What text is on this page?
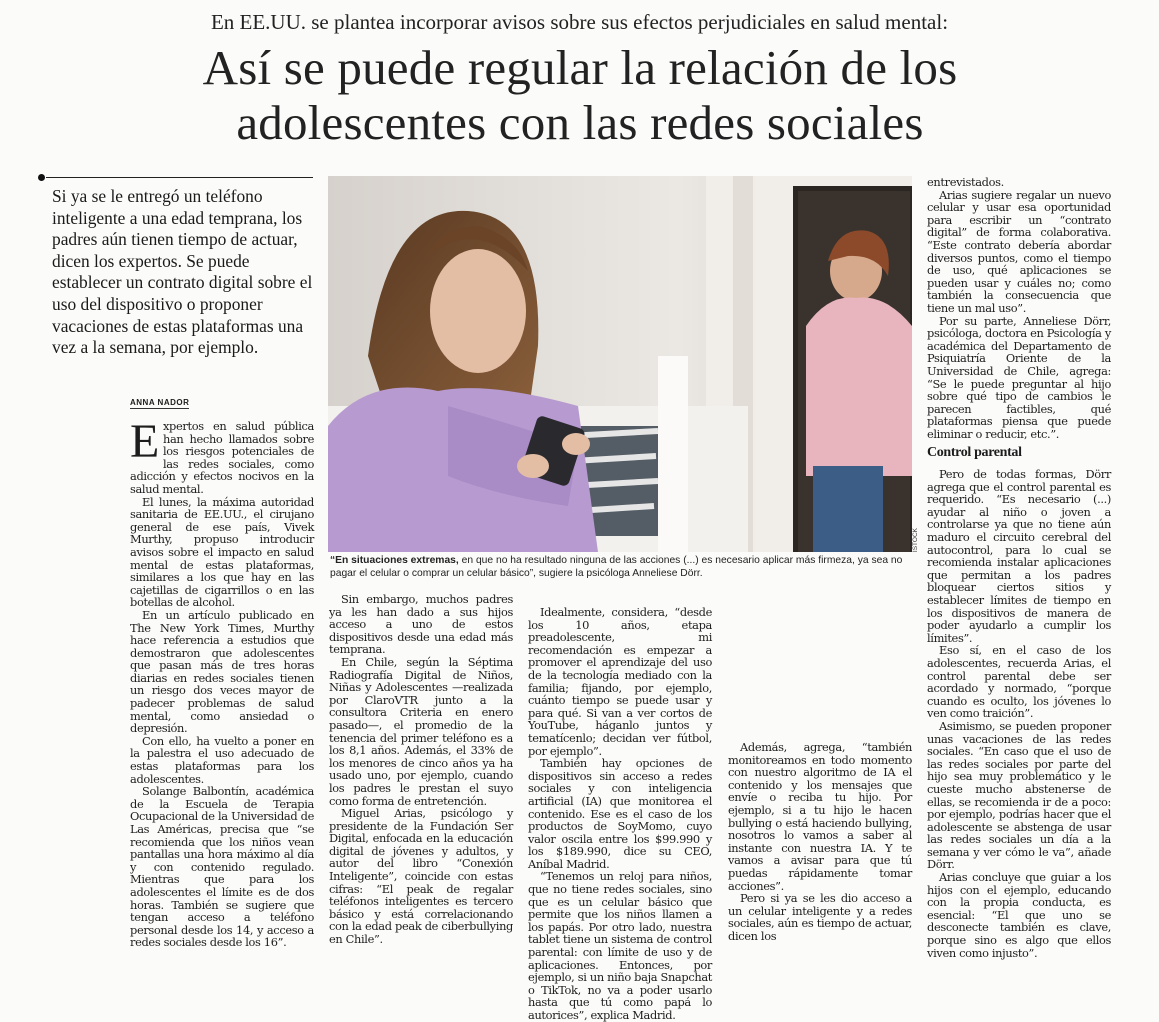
En EE.UU. se plantea incorporar avisos sobre sus efectos perjudiciales en salud mental:
Así se puede regular la relación de los
adolescentes con las redes sociales
Si ya se le entregó un teléfono inteligente a una edad temprana, los padres aún tienen tiempo de actuar, dicen los expertos. Se puede establecer un contrato digital sobre el uso del dispositivo o proponer vacaciones de estas plataformas una vez a la semana, por ejemplo.
ANNA NADOR

Expertos en salud pública han hecho llamados sobre los riesgos potenciales de las redes sociales, como adicción y efectos nocivos en la salud mental.

El lunes, la máxima autoridad sanitaria de EE.UU., el cirujano general de ese país, Vivek Murthy, propuso introducir avisos sobre el impacto en salud mental de estas plataformas, similares a los que hay en las cajetillas de cigarrillos o en las botellas de alcohol.

En un artículo publicado en The New York Times, Murthy hace referencia a estudios que demostraron que adolescentes que pasan más de tres horas diarias en redes sociales tienen un riesgo dos veces mayor de padecer problemas de salud mental, como ansiedad o depresión.

Con ello, ha vuelto a poner en la palestra el uso adecuado de estas plataformas para los adolescentes.

Solange Balbontín, académica de la Escuela de Terapia Ocupacional de la Universidad de Las Américas, precisa que “se recomienda que los niños vean pantallas una hora máximo al día y con contenido regulado. Mientras que para los adolescentes el límite es de dos horas. También se sugiere que tengan acceso a teléfono personal desde los 14, y acceso a redes sociales desde los 16”.

ISTOCK
“En situaciones extremas, en que no ha resultado ninguna de las acciones (...) es necesario aplicar más firmeza, ya sea no pagar el celular o comprar un celular básico”, sugiere la psicóloga Anneliese Dörr.

Sin embargo, muchos padres ya les han dado a sus hijos acceso a uno de estos dispositivos desde una edad más temprana.

En Chile, según la Séptima Radiografía Digital de Niños, Niñas y Adolescentes —realizada por ClaroVTR junto a la consultora Criteria en enero pasado—, el promedio de la tenencia del primer teléfono es a los 8,1 años. Además, el 33% de los menores de cinco años ya ha usado uno, por ejemplo, cuando los padres le prestan el suyo como forma de entretención.

Miguel Arias, psicólogo y presidente de la Fundación Ser Digital, enfocada en la educación digital de jóvenes y adultos, y autor del libro “Conexión Inteligente”, coincide con estas cifras: “El peak de regalar teléfonos inteligentes es tercero básico y está correlacionando con la edad peak de ciberbullying en Chile”.

Idealmente, considera, “desde los 10 años, etapa preadolescente, mi recomendación es empezar a promover el aprendizaje del uso de la tecnología mediado con la familia; fijando, por ejemplo, cuánto tiempo se puede usar y para qué. Si van a ver cortos de YouTube, háganlo juntos y tematícenlo; decidan ver fútbol, por ejemplo”.

También hay opciones de dispositivos sin acceso a redes sociales y con inteligencia artificial (IA) que monitorea el contenido. Ese es el caso de los productos de SoyMomo, cuyo valor oscila entre los $99.990 y los $189.990, dice su CEO, Aníbal Madrid.

“Tenemos un reloj para niños, que no tiene redes sociales, sino que es un celular básico que permite que los niños llamen a los papás. Por otro lado, nuestra tablet tiene un sistema de control parental: con límite de uso y de aplicaciones. Entonces, por ejemplo, si un niño baja Snapchat o TikTok, no va a poder usarlo hasta que tú como papá lo autorices”, explica Madrid.

Además, agrega, “también monitoreamos en todo momento con nuestro algoritmo de IA el contenido y los mensajes que envíe o reciba tu hijo. Por ejemplo, si a tu hijo le hacen bullying o está haciendo bullying, nosotros lo vamos a saber al instante con nuestra IA. Y te vamos a avisar para que tú puedas rápidamente tomar acciones”.

Pero si ya se les dio acceso a un celular inteligente y a redes sociales, aún es tiempo de actuar, dicen los

entrevistados.

Arias sugiere regalar un nuevo celular y usar esa oportunidad para escribir un “contrato digital” de forma colaborativa. “Este contrato debería abordar diversos puntos, como el tiempo de uso, qué aplicaciones se pueden usar y cuáles no; como también la consecuencia que tiene un mal uso”.

Por su parte, Anneliese Dörr, psicóloga, doctora en Psicología y académica del Departamento de Psiquiatría Oriente de la Universidad de Chile, agrega: “Se le puede preguntar al hijo sobre qué tipo de cambios le parecen factibles, qué plataformas piensa que puede eliminar o reducir, etc.”.

Control parental

Pero de todas formas, Dörr agrega que el control parental es requerido. “Es necesario (...) ayudar al niño o joven a controlarse ya que no tiene aún maduro el circuito cerebral del autocontrol, para lo cual se recomienda instalar aplicaciones que permitan a los padres bloquear ciertos sitios y establecer límites de tiempo en los dispositivos de manera de poder ayudarlo a cumplir los límites”.

Eso sí, en el caso de los adolescentes, recuerda Arias, el control parental debe ser acordado y normado, “porque cuando es oculto, los jóvenes lo ven como traición”.

Asimismo, se pueden proponer unas vacaciones de las redes sociales. “En caso que el uso de las redes sociales por parte del hijo sea muy problemático y le cueste mucho abstenerse de ellas, se recomienda ir de a poco: por ejemplo, podrías hacer que el adolescente se abstenga de usar las redes sociales un día a la semana y ver cómo le va”, añade Dörr.

Arias concluye que guiar a los hijos con el ejemplo, educando con la propia conducta, es esencial: “El que uno se desconecte también es clave, porque sino es algo que ellos viven como injusto”.
